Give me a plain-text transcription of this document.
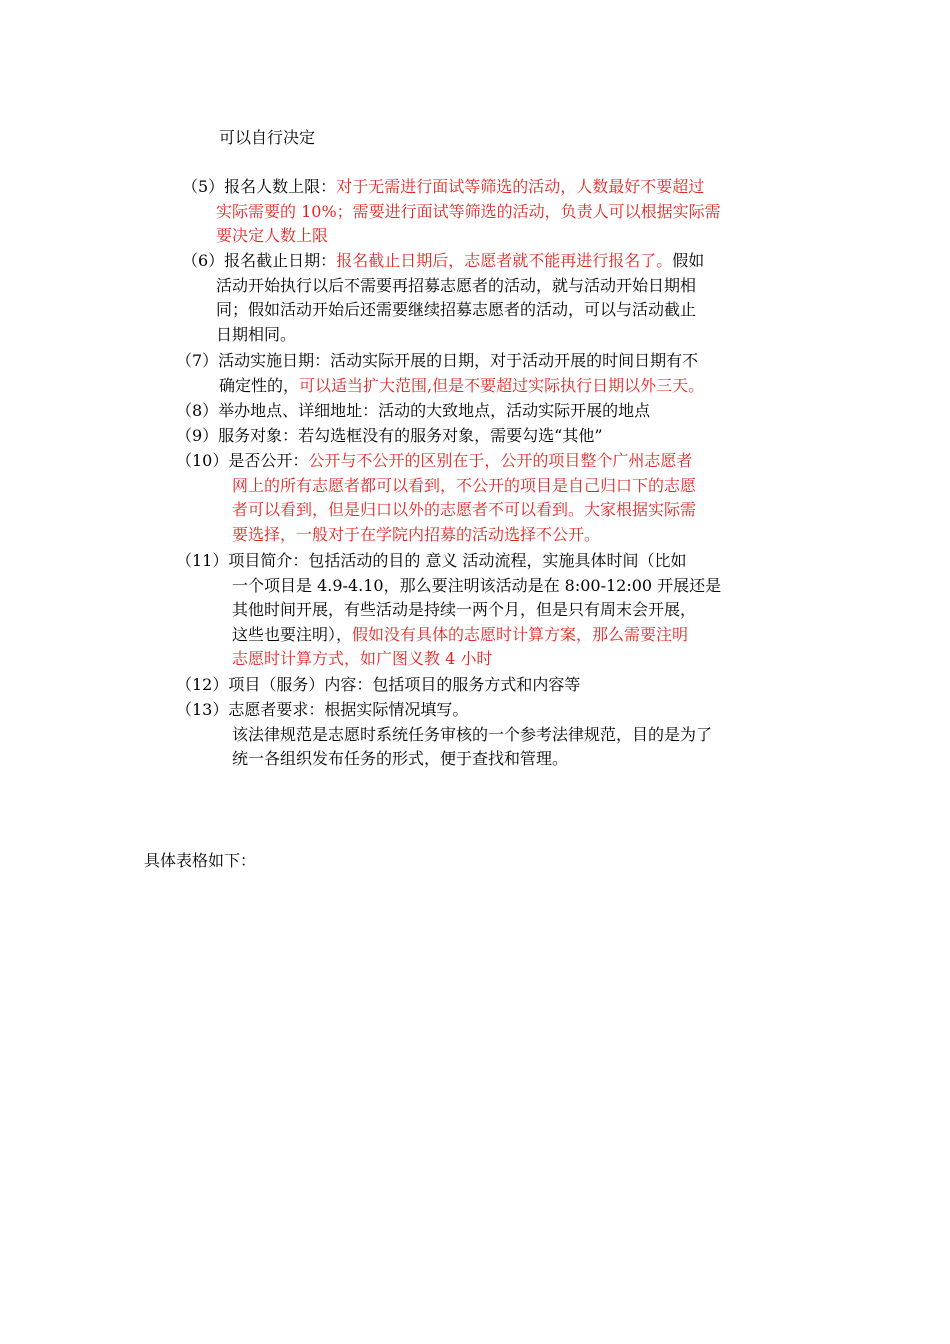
可以自行决定
（5）报名人数上限：对于无需进行面试等筛选的活动，人数最好不要超过
实际需要的 10%；需要进行面试等筛选的活动，负责人可以根据实际需
要决定人数上限
（6）报名截止日期：报名截止日期后，志愿者就不能再进行报名了。假如
活动开始执行以后不需要再招募志愿者的活动，就与活动开始日期相
同；假如活动开始后还需要继续招募志愿者的活动，可以与活动截止
日期相同。
（7）活动实施日期：活动实际开展的日期，对于活动开展的时间日期有不
确定性的，可以适当扩大范围,但是不要超过实际执行日期以外三天。
（8）举办地点、详细地址：活动的大致地点，活动实际开展的地点
（9）服务对象：若勾选框没有的服务对象，需要勾选“其他”
（10）是否公开：公开与不公开的区别在于，公开的项目整个广州志愿者
网上的所有志愿者都可以看到，不公开的项目是自己归口下的志愿
者可以看到，但是归口以外的志愿者不可以看到。大家根据实际需
要选择，一般对于在学院内招募的活动选择不公开。
（11）项目简介：包括活动的目的 意义 活动流程，实施具体时间（比如
一个项目是 4.9-4.10，那么要注明该活动是在 8:00-12:00 开展还是
其他时间开展，有些活动是持续一两个月，但是只有周末会开展，
这些也要注明），假如没有具体的志愿时计算方案，那么需要注明
志愿时计算方式，如广图义教 4 小时
（12）项目（服务）内容：包括项目的服务方式和内容等
（13）志愿者要求：根据实际情况填写。
该法律规范是志愿时系统任务审核的一个参考法律规范，目的是为了
统一各组织发布任务的形式，便于查找和管理。
具体表格如下：
